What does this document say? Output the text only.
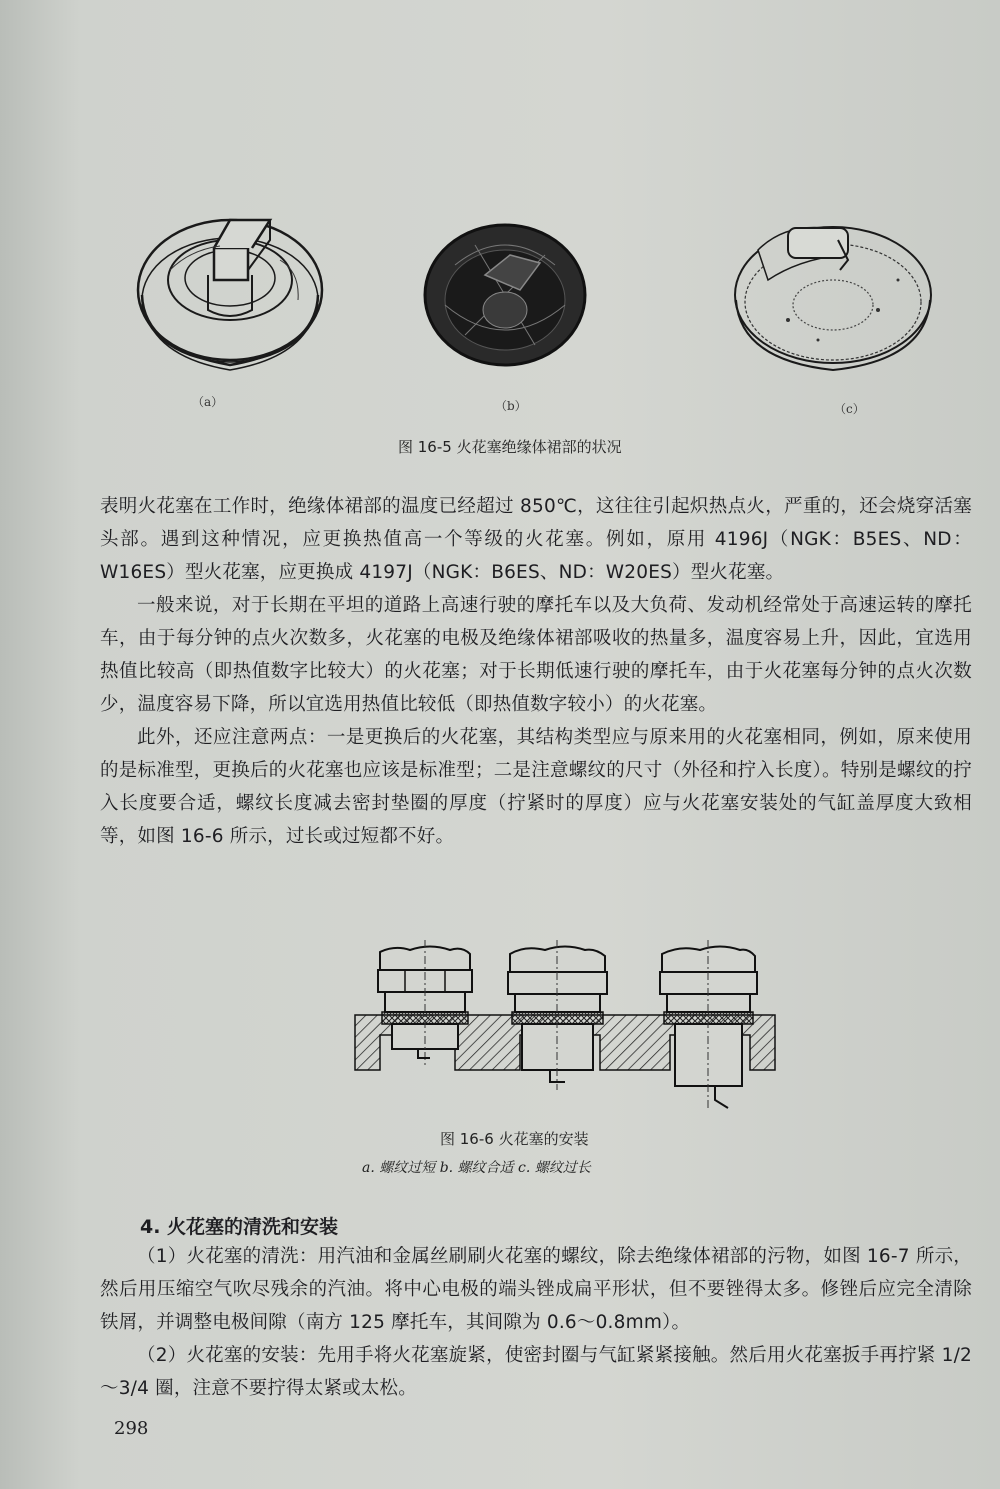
（a）	（b）	（c）
图 16-5 火花塞绝缘体裙部的状况

表明火花塞在工作时，绝缘体裙部的温度已经超过 850℃，这往往引起炽热点火，严重的，还会烧穿活塞头部。遇到这种情况，应更换热值高一个等级的火花塞。例如，原用 4196J（NGK：B5ES、ND：W16ES）型火花塞，应更换成 4197J（NGK：B6ES、ND：W20ES）型火花塞。

一般来说，对于长期在平坦的道路上高速行驶的摩托车以及大负荷、发动机经常处于高速运转的摩托车，由于每分钟的点火次数多，火花塞的电极及绝缘体裙部吸收的热量多，温度容易上升，因此，宜选用热值比较高（即热值数字比较大）的火花塞；对于长期低速行驶的摩托车，由于火花塞每分钟的点火次数少，温度容易下降，所以宜选用热值比较低（即热值数字较小）的火花塞。

此外，还应注意两点：一是更换后的火花塞，其结构类型应与原来用的火花塞相同，例如，原来使用的是标准型，更换后的火花塞也应该是标准型；二是注意螺纹的尺寸（外径和拧入长度）。特别是螺纹的拧入长度要合适，螺纹长度减去密封垫圈的厚度（拧紧时的厚度）应与火花塞安装处的气缸盖厚度大致相等，如图 16-6 所示，过长或过短都不好。

图 16-6 火花塞的安装
a. 螺纹过短 b. 螺纹合适 c. 螺纹过长
4. 火花塞的清洗和安装

（1）火花塞的清洗：用汽油和金属丝刷刷火花塞的螺纹，除去绝缘体裙部的污物，如图 16-7 所示，然后用压缩空气吹尽残余的汽油。将中心电极的端头锉成扁平形状，但不要锉得太多。修锉后应完全清除铁屑，并调整电极间隙（南方 125 摩托车，其间隙为 0.6～0.8mm）。

（2）火花塞的安装：先用手将火花塞旋紧，使密封圈与气缸紧紧接触。然后用火花塞扳手再拧紧 1/2～3/4 圈，注意不要拧得太紧或太松。

298
